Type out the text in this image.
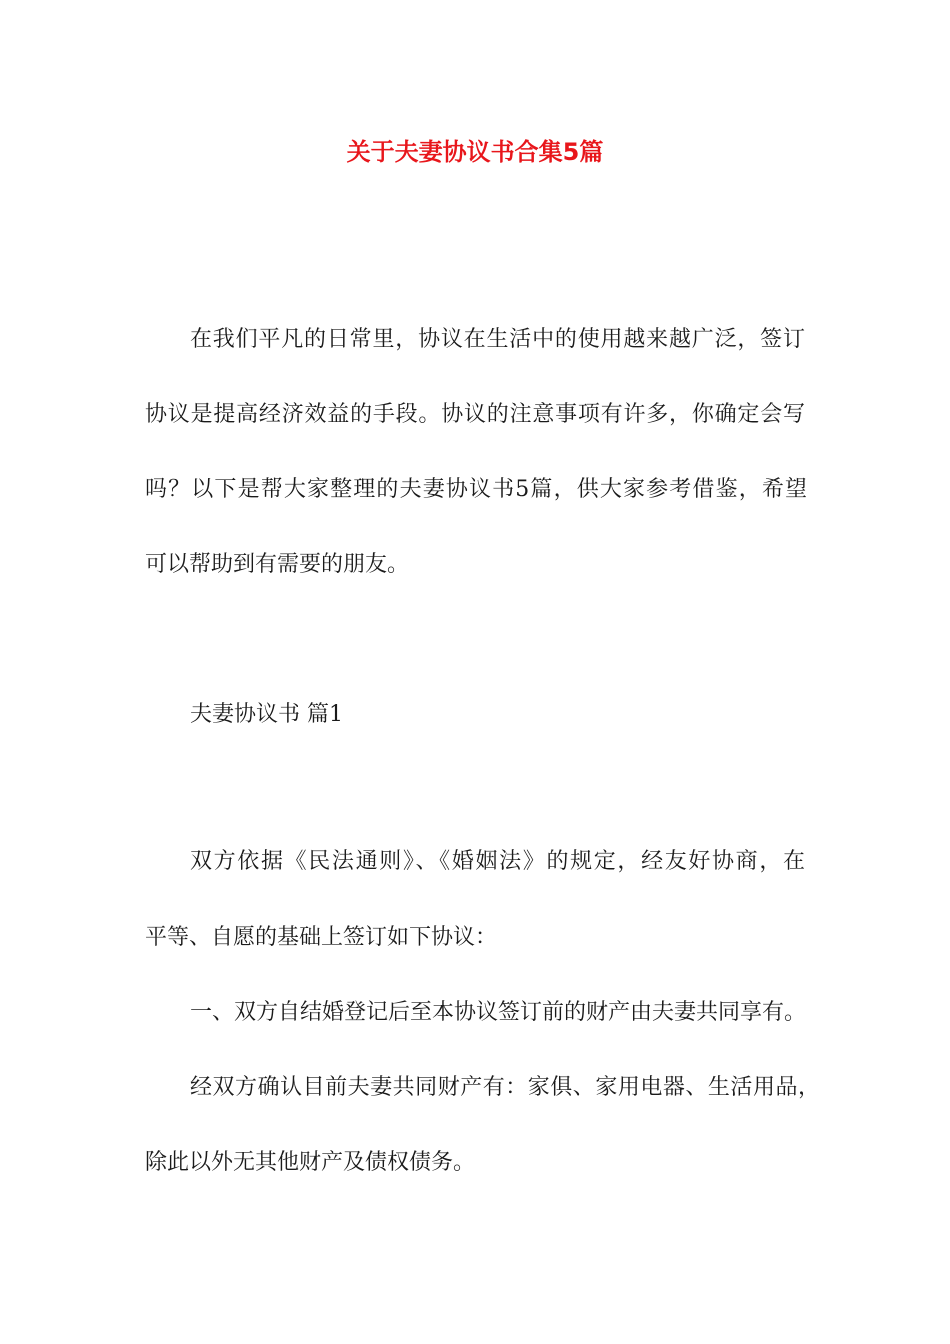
关于夫妻协议书合集5篇

在我们平凡的日常里，协议在生活中的使用越来越广泛，签订

协议是提高经济效益的手段。协议的注意事项有许多，你确定会写

吗？以下是帮大家整理的夫妻协议书5篇，供大家参考借鉴，希望

可以帮助到有需要的朋友。

夫妻协议书 篇1

双方依据《民法通则》、《婚姻法》的规定，经友好协商，在

平等、自愿的基础上签订如下协议：

一、双方自结婚登记后至本协议签订前的财产由夫妻共同享有。

经双方确认目前夫妻共同财产有：家俱、家用电器、生活用品，

除此以外无其他财产及债权债务。
